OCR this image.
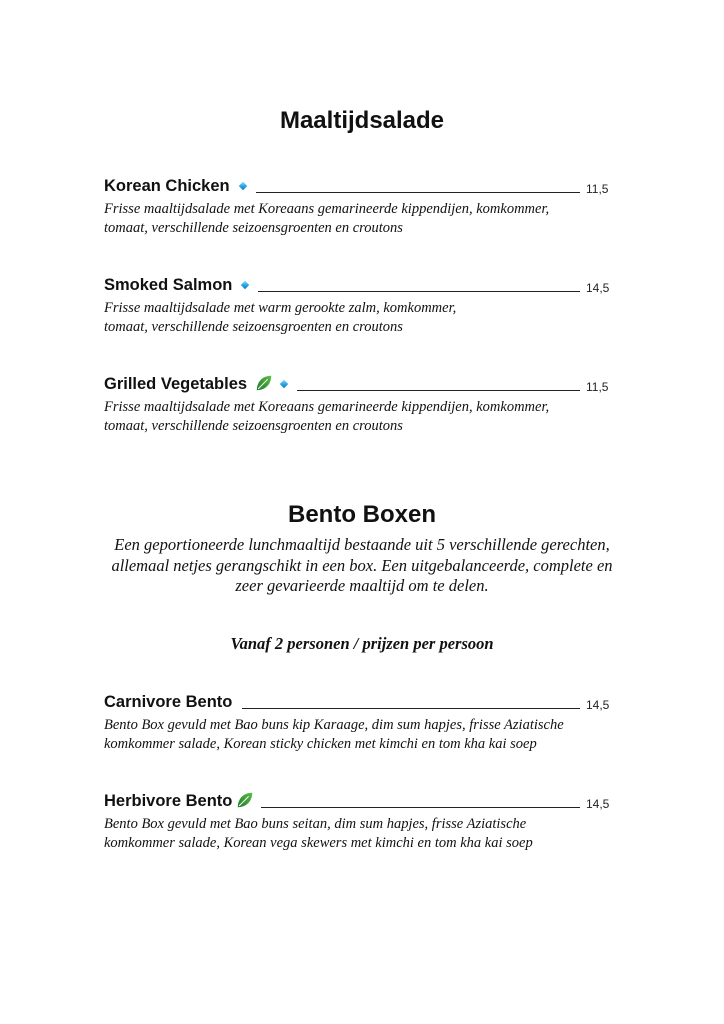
Maaltijdsalade
Korean Chicken	11,5
Frisse maaltijdsalade met Koreaans gemarineerde kippendijen, komkommer,
tomaat, verschillende seizoensgroenten en croutons
Smoked Salmon	14,5
Frisse maaltijdsalade met warm gerookte zalm, komkommer,
tomaat, verschillende seizoensgroenten en croutons
Grilled Vegetables	11,5
Frisse maaltijdsalade met Koreaans gemarineerde kippendijen, komkommer,
tomaat, verschillende seizoensgroenten en croutons
Bento Boxen
Een geportioneerde lunchmaaltijd bestaande uit 5 verschillende gerechten,
allemaal netjes gerangschikt in een box. Een uitgebalanceerde, complete en
zeer gevarieerde maaltijd om te delen.
Vanaf 2 personen / prijzen per persoon
Carnivore Bento	14,5
Bento Box gevuld met Bao buns kip Karaage, dim sum hapjes, frisse Aziatische
komkommer salade, Korean sticky chicken met kimchi en tom kha kai soep
Herbivore Bento	14,5
Bento Box gevuld met Bao buns seitan, dim sum hapjes, frisse Aziatische
komkommer salade, Korean vega skewers met kimchi en tom kha kai soep
